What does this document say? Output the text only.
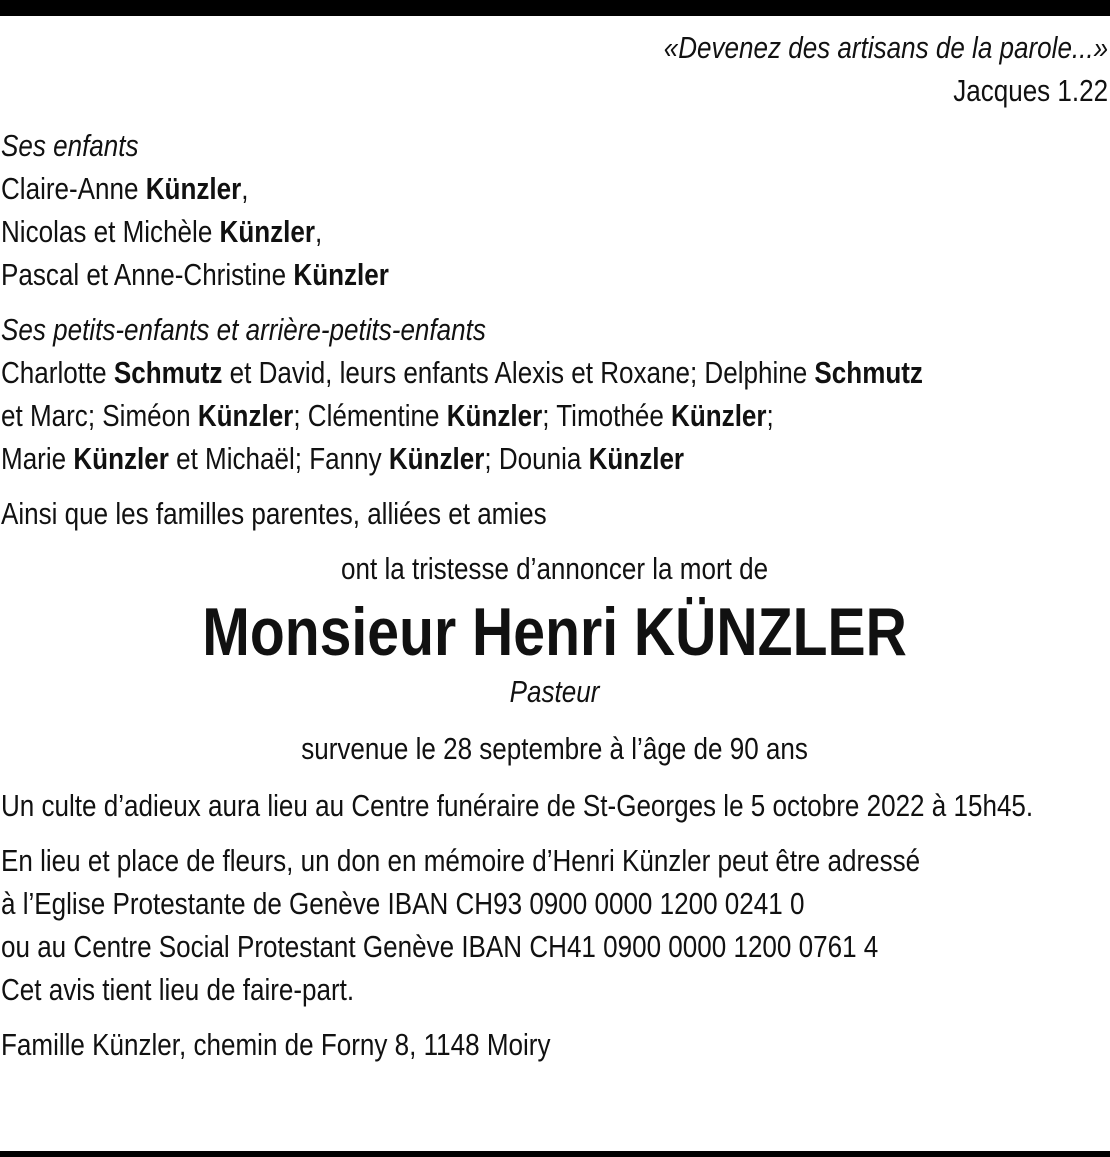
«Devenez des artisans de la parole...»
Jacques 1.22
Ses enfants
Claire-Anne Künzler,
Nicolas et Michèle Künzler,
Pascal et Anne-Christine Künzler
Ses petits-enfants et arrière-petits-enfants
Charlotte Schmutz et David, leurs enfants Alexis et Roxane; Delphine Schmutz
et Marc; Siméon Künzler; Clémentine Künzler; Timothée Künzler;
Marie Künzler et Michaël; Fanny Künzler; Dounia Künzler
Ainsi que les familles parentes, alliées et amies
ont la tristesse d’annoncer la mort de
Monsieur Henri KÜNZLER
Pasteur
survenue le 28 septembre à l’âge de 90 ans
Un culte d’adieux aura lieu au Centre funéraire de St-Georges le 5 octobre 2022 à 15h45.
En lieu et place de fleurs, un don en mémoire d’Henri Künzler peut être adressé
à l’Eglise Protestante de Genève IBAN CH93 0900 0000 1200 0241 0
ou au Centre Social Protestant Genève IBAN CH41 0900 0000 1200 0761 4
Cet avis tient lieu de faire-part.
Famille Künzler, chemin de Forny 8, 1148 Moiry
